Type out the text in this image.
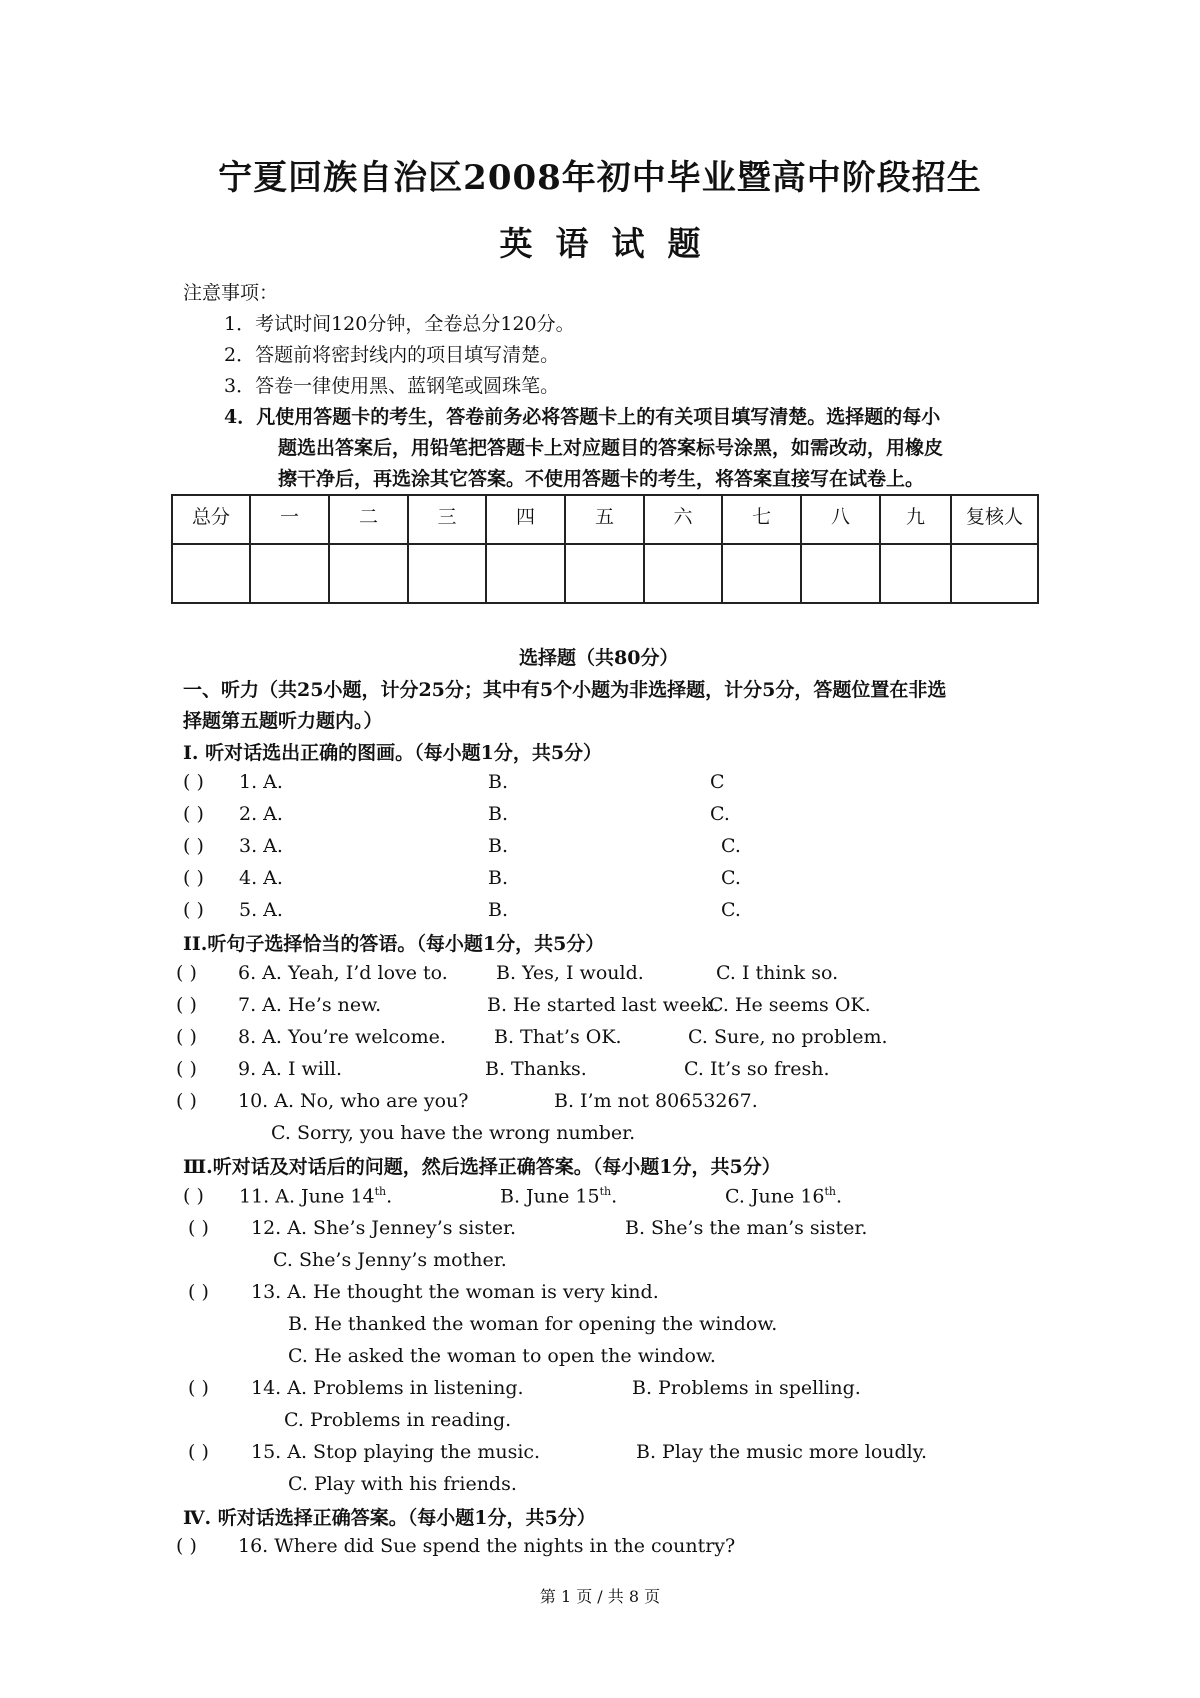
宁夏回族自治区2008年初中毕业暨高中阶段招生
英  语  试  题
注意事项：
1．考试时间120分钟，全卷总分120分。
2．答题前将密封线内的项目填写清楚。
3．答卷一律使用黑、蓝钢笔或圆珠笔。
4．凡使用答题卡的考生，答卷前务必将答题卡上的有关项目填写清楚。选择题的每小
题选出答案后，用铅笔把答题卡上对应题目的答案标号涂黑，如需改动，用橡皮
擦干净后，再选涂其它答案。不使用答题卡的考生，将答案直接写在试卷上。
总分	一	二	三	四	五	六	七	八	九	复核人

选择题（共80分）
一、听力（共25小题，计分25分；其中有5个小题为非选择题，计分5分，答题位置在非选
择题第五题听力题内。）
I. 听对话选出正确的图画。（每小题1分，共5分）
( ) 1. A.	B.	C
( ) 2. A.	B.	C.
( ) 3. A.	B.	C.
( ) 4. A.	B.	C.
( ) 5. A.	B.	C.
II.听句子选择恰当的答语。（每小题1分，共5分）
( ) 6. A. Yeah, I’d love to.	B. Yes, I would.	C. I think so.
( ) 7. A. He’s new.	B. He started last week.
C. He seems OK.
( ) 8. A. You’re welcome.	B. That’s OK.	C. Sure, no problem.
( ) 9. A. I will.	B. Thanks.	C. It’s so fresh.
( ) 10. A. No, who are you?	B. I’m not 80653267.
C. Sorry, you have the wrong number.
Ⅲ.听对话及对话后的问题，然后选择正确答案。（每小题1分，共5分）
( ) 11. A. June 14th.	B. June 15th.	C. June 16th.
( ) 12. A. She’s Jenney’s sister.	B. She’s the man’s sister.
C. She’s Jenny’s mother.
( ) 13. A. He thought the woman is very kind.
B. He thanked the woman for opening the window.
C. He asked the woman to open the window.
( ) 14. A. Problems in listening.	B. Problems in spelling.
C. Problems in reading.
( ) 15. A. Stop playing the music.	B. Play the music more loudly.
C. Play with his friends.
Ⅳ. 听对话选择正确答案。（每小题1分，共5分）
( ) 16. Where did Sue spend the nights in the country?
第 1 页 / 共 8 页
